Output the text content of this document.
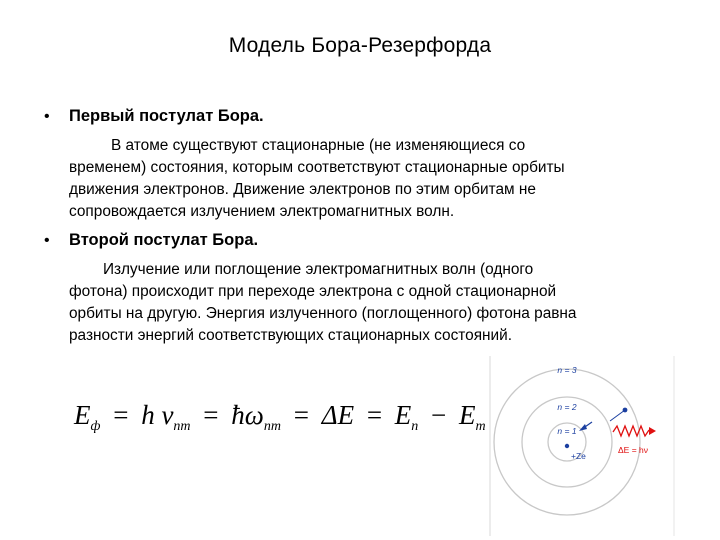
Модель Бора-Резерфорда
• Первый постулат Бора.
В атоме существуют стационарные (не изменяющиеся со
временем) состояния, которым соответствуют стационарные орбиты
движения электронов. Движение электронов по этим орбитам не
сопровождается излучением электромагнитных волн.
• Второй постулат Бора.
Излучение или поглощение электромагнитных волн (одного
фотона) происходит при переходе электрона с одной стационарной
орбиты на другую. Энергия излученного (поглощенного) фотона равна
разности энергий соответствующих стационарных состояний.
$E_ф = h$ $\nu_{nm}$ = $ħ\omega_{nm} = \Delta E = E_n - E_m$
n = 3
n = 2
n = 1
+Ze
ΔE = hν
